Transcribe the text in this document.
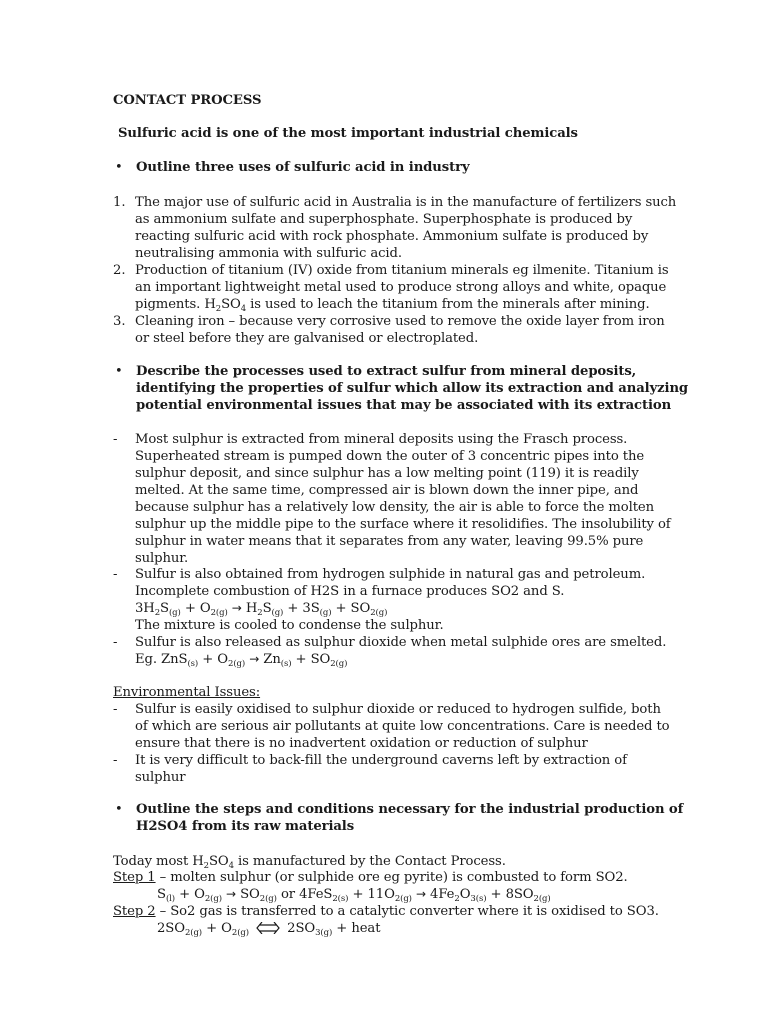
CONTACT PROCESS
Sulfuric acid is one of the most important industrial chemicals
• Outline three uses of sulfuric acid in industry
1. The major use of sulfuric acid in Australia is in the manufacture of fertilizers such
as ammonium sulfate and superphosphate. Superphosphate is produced by
reacting sulfuric acid with rock phosphate. Ammonium sulfate is produced by
neutralising ammonia with sulfuric acid.
2. Production of titanium (IV) oxide from titanium minerals eg ilmenite. Titanium is
an important lightweight metal used to produce strong alloys and white, opaque
pigments. $H_2SO_4$ is used to leach the titanium from the minerals after mining.
3. Cleaning iron – because very corrosive used to remove the oxide layer from iron
or steel before they are galvanised or electroplated.
• Describe the processes used to extract sulfur from mineral deposits,
identifying the properties of sulfur which allow its extraction and analyzing
potential environmental issues that may be associated with its extraction
- Most sulphur is extracted from mineral deposits using the Frasch process.
Superheated stream is pumped down the outer of 3 concentric pipes into the
sulphur deposit, and since sulphur has a low melting point (119) it is readily
melted. At the same time, compressed air is blown down the inner pipe, and
because sulphur has a relatively low density, the air is able to force the molten
sulphur up the middle pipe to the surface where it resolidifies. The insolubility of
sulphur in water means that it separates from any water, leaving 99.5% pure
sulphur.
- Sulfur is also obtained from hydrogen sulphide in natural gas and petroleum.
Incomplete combustion of H2S in a furnace produces SO2 and S.
$3H_2S_{(g)} + O_{2(g)} \to H_2S_{(g)} + 3S_{(g)} + SO_{2(g)}$
The mixture is cooled to condense the sulphur.
- Sulfur is also released as sulphur dioxide when metal sulphide ores are smelted.
Eg. $ZnS_{(s)} + O_{2(g)} \to Zn_{(s)} + SO_{2(g)}$
Environmental Issues:
- Sulfur is easily oxidised to sulphur dioxide or reduced to hydrogen sulfide, both
of which are serious air pollutants at quite low concentrations. Care is needed to
ensure that there is no inadvertent oxidation or reduction of sulphur
- It is very difficult to back-fill the underground caverns left by extraction of
sulphur
• Outline the steps and conditions necessary for the industrial production of
H2SO4 from its raw materials
Today most $H_2SO_4$ is manufactured by the Contact Process.
Step 1 – molten sulphur (or sulphide ore eg pyrite) is combusted to form SO2.
$S_{(l)} + O_{2(g)} \to SO_{2(g)}$ or $4FeS_{2(s)} + 11O_{2(g)} \to 4Fe_2O_{3(s)} + 8SO_{2(g)}$
Step 2 – So2 gas is transferred to a catalytic converter where it is oxidised to SO3.
$2SO_{2(g)} + O_{2(g)}$ ⇌ $2SO_{3(g)}$ + heat
